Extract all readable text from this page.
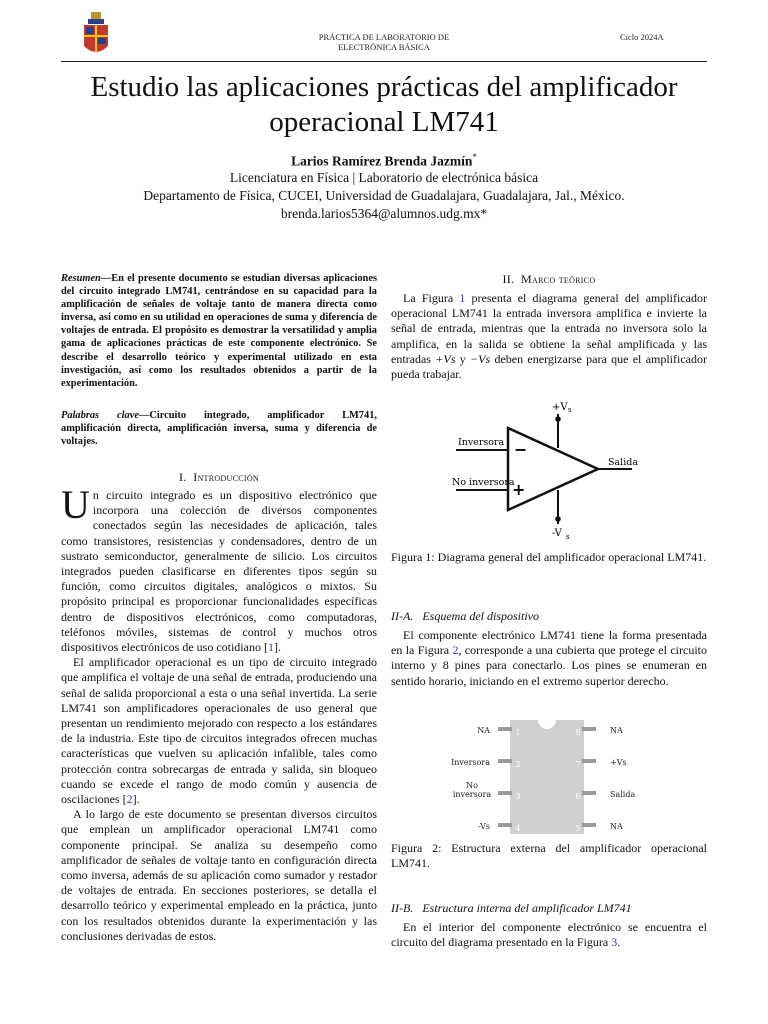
PRÁCTICA DE LABORATORIO DE
ELECTRÓNICA BÁSICA
Ciclo 2024A
Estudio las aplicaciones prácticas del amplificador
operacional LM741
Larios Ramírez Brenda Jazmín*
Licenciatura en Física | Laboratorio de electrónica básica
Departamento de Física, CUCEI, Universidad de Guadalajara, Guadalajara, Jal., México.
brenda.larios5364@alumnos.udg.mx*
Resumen—En el presente documento se estudian diversas aplicaciones del circuito integrado LM741, centrándose en su capacidad para la amplificación de señales de voltaje tanto de manera directa como inversa, así como en su utilidad en operaciones de suma y diferencia de voltajes de entrada. El propósito es demostrar la versatilidad y amplia gama de aplicaciones prácticas de este componente electrónico. Se describe el desarrollo teórico y experimental utilizado en esta investigación, así como los resultados obtenidos a partir de la experimentación.
Palabras clave—Circuito integrado, amplificador LM741, amplificación directa, amplificación inversa, suma y diferencia de voltajes.
I. Introducción

Un circuito integrado es un dispositivo electrónico que incorpora una colección de diversos componentes conectados según las necesidades de aplicación, tales como transistores, resistencias y condensadores, dentro de un sustrato semiconductor, generalmente de silicio. Los circuitos integrados pueden clasificarse en diferentes tipos según su función, como circuitos digitales, analógicos o mixtos. Su propósito principal es proporcionar funcionalidades específicas dentro de dispositivos electrónicos, como computadoras, teléfonos móviles, sistemas de control y muchos otros dispositivos electrónicos de uso cotidiano [1].

El amplificador operacional es un tipo de circuito integrado que amplifica el voltaje de una señal de entrada, produciendo una señal de salida proporcional a esta o una señal invertida. La serie LM741 son amplificadores operacionales de uso general que presentan un rendimiento mejorado con respecto a los estándares de la industria. Este tipo de circuitos integrados ofrecen muchas características que vuelven su aplicación infalible, tales como protección contra sobrecargas de entrada y salida, sin bloqueo cuando se excede el rango de modo común y ausencia de oscilaciones [2].

A lo largo de este documento se presentan diversos circuitos que emplean un amplificador operacional LM741 como componente principal. Se analiza su desempeño como amplificador de señales de voltaje tanto en configuración directa como inversa, además de su aplicación como sumador y restador de voltajes de entrada. En secciones posteriores, se detalla el desarrollo teórico y experimental empleado en la práctica, junto con los resultados obtenidos durante la experimentación y las conclusiones derivadas de estos.

II. Marco teórico
La Figura 1 presenta el diagrama general del amplificador operacional LM741 la entrada inversora amplifica e invierte la señal de entrada, mientras que la entrada no inversora solo la amplifica, en la salida se obtiene la señal amplificada y las entradas +Vs y −Vs deben energizarse para que el amplificador pueda trabajar.
+V s
-V s
Inversora
No inversora
Salida
−
+
Figura 1: Diagrama general del amplificador operacional LM741.
II-A. Esquema del dispositivo
El componente electrónico LM741 tiene la forma presentada en la Figura 2, corresponde a una cubierta que protege el circuito interno y 8 pines para conectarlo. Los pines se enumeran en sentido horario, iniciando en el extremo superior derecho.
NA	1
Inversora	2
No
inversora	3
-Vs	4
NA
8
+Vs
7
Salida
6
NA
5
Figura 2: Estructura externa del amplificador operacional LM741.
II-B. Estructura interna del amplificador LM741
En el interior del componente electrónico se encuentra el circuito del diagrama presentado en la Figura 3.
